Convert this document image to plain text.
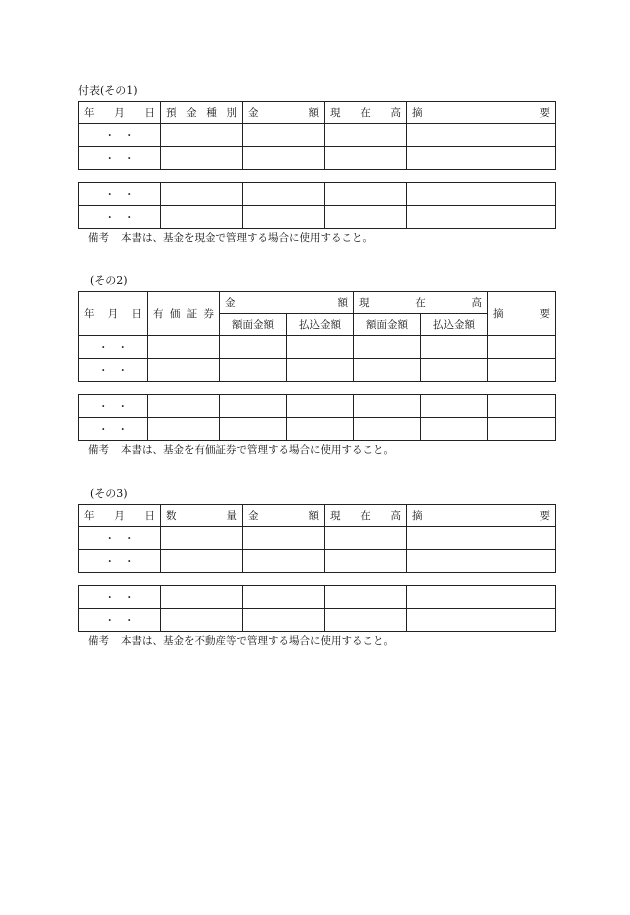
付表(その1)
年 月 日	預 金 種 別	金 額	現 在 高	摘 要

・ ・				

・ ・				

・ ・				

・ ・				

備考 本書は、基金を現金で管理する場合に使用すること。
(その2)
年 月 日	有 価 証 券	金 額		現 在 高		摘 要

		額面金額	払込金額	額面金額	払込金額	

・ ・						

・ ・						

・ ・						

・ ・						

備考 本書は、基金を有価証券で管理する場合に使用すること。
(その3)
年 月 日	数 量	金 額	現 在 高	摘 要

・ ・				

・ ・				

・ ・				

・ ・				

備考 本書は、基金を不動産等で管理する場合に使用すること。
